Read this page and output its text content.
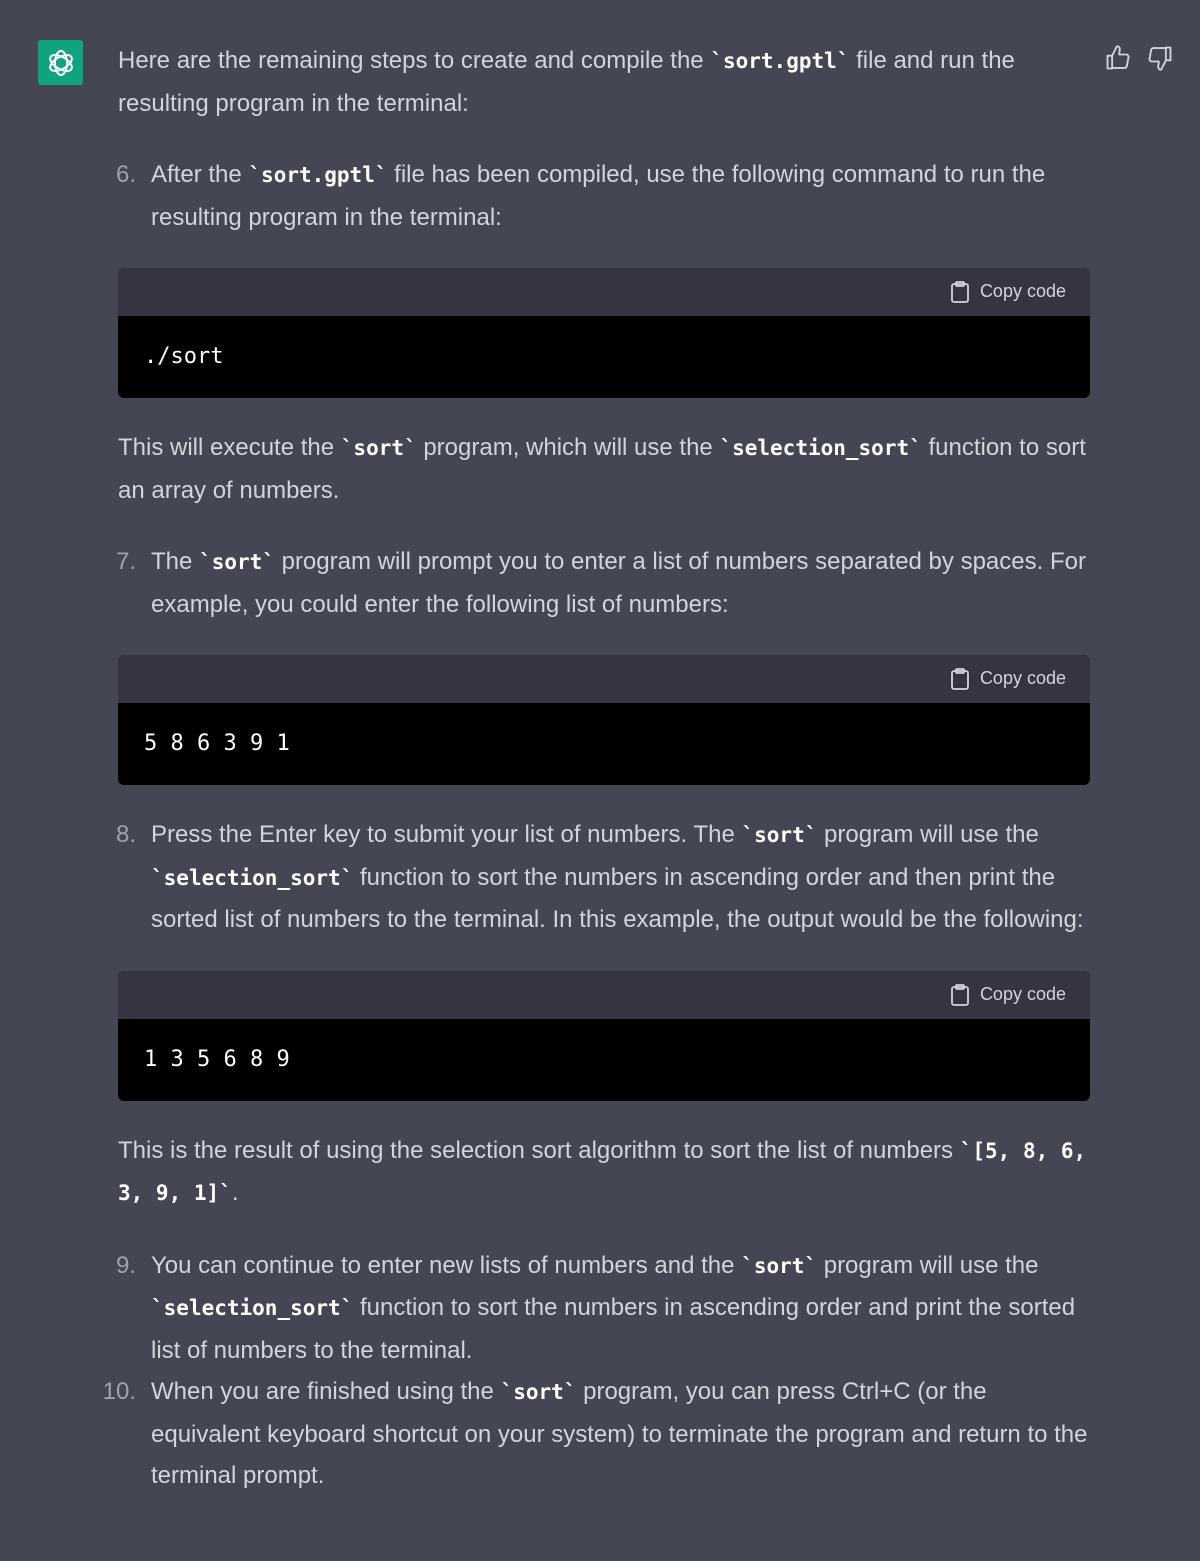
Here are the remaining steps to create and compile the `sort.gptl` file and run the resulting program in the terminal:

6. After the `sort.gptl` file has been compiled, use the following command to run the resulting program in the terminal:
Copy code
./sort

This will execute the `sort` program, which will use the `selection_sort` function to sort an array of numbers.

7. The `sort` program will prompt you to enter a list of numbers separated by spaces. For example, you could enter the following list of numbers:
Copy code
5 8 6 3 9 1
8. Press the Enter key to submit your list of numbers. The `sort` program will use the `selection_sort` function to sort the numbers in ascending order and then print the sorted list of numbers to the terminal. In this example, the output would be the following:
Copy code
1 3 5 6 8 9

This is the result of using the selection sort algorithm to sort the list of numbers `[5, 8, 6, 3, 9, 1]`.

9. You can continue to enter new lists of numbers and the `sort` program will use the `selection_sort` function to sort the numbers in ascending order and print the sorted list of numbers to the terminal.
10. When you are finished using the `sort` program, you can press Ctrl+C (or the equivalent keyboard shortcut on your system) to terminate the program and return to the terminal prompt.
